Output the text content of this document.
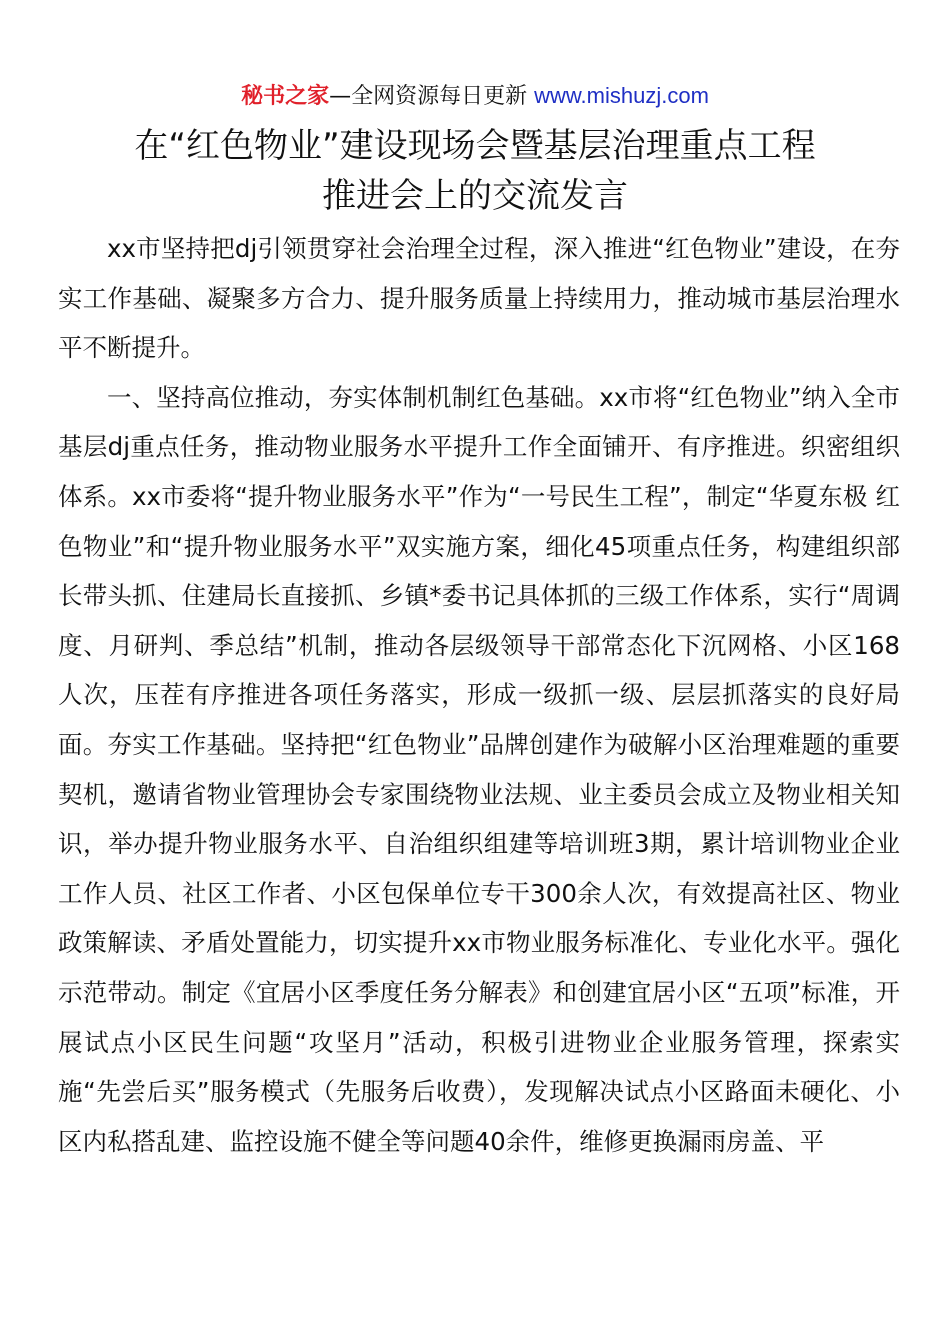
秘书之家—全网资源每日更新 www.mishuzj.com
在“红色物业”建设现场会暨基层治理重点工程
推进会上的交流发言

xx市坚持把dj引领贯穿社会治理全过程，深入推进“红色物业”建设，在夯实工作基础、凝聚多方合力、提升服务质量上持续用力，推动城市基层治理水平不断提升。

一、坚持高位推动，夯实体制机制红色基础。xx市将“红色物业”纳入全市基层dj重点任务，推动物业服务水平提升工作全面铺开、有序推进。织密组织体系。xx市委将“提升物业服务水平”作为“一号民生工程”，制定“华夏东极 红色物业”和“提升物业服务水平”双实施方案，细化45项重点任务，构建组织部长带头抓、住建局长直接抓、乡镇*委书记具体抓的三级工作体系，实行“周调度、月研判、季总结”机制，推动各层级领导干部常态化下沉网格、小区168人次，压茬有序推进各项任务落实，形成一级抓一级、层层抓落实的良好局面。夯实工作基础。坚持把“红色物业”品牌创建作为破解小区治理难题的重要契机，邀请省物业管理协会专家围绕物业法规、业主委员会成立及物业相关知识，举办提升物业服务水平、自治组织组建等培训班3期，累计培训物业企业工作人员、社区工作者、小区包保单位专干300余人次，有效提高社区、物业政策解读、矛盾处置能力，切实提升xx市物业服务标准化、专业化水平。强化示范带动。制定《宜居小区季度任务分解表》和创建宜居小区“五项”标准，开展试点小区民生问题“攻坚月”活动，积极引进物业企业服务管理，探索实施“先尝后买”服务模式（先服务后收费），发现解决试点小区路面未硬化、小区内私搭乱建、监控设施不健全等问题40余件，维修更换漏雨房盖、平
